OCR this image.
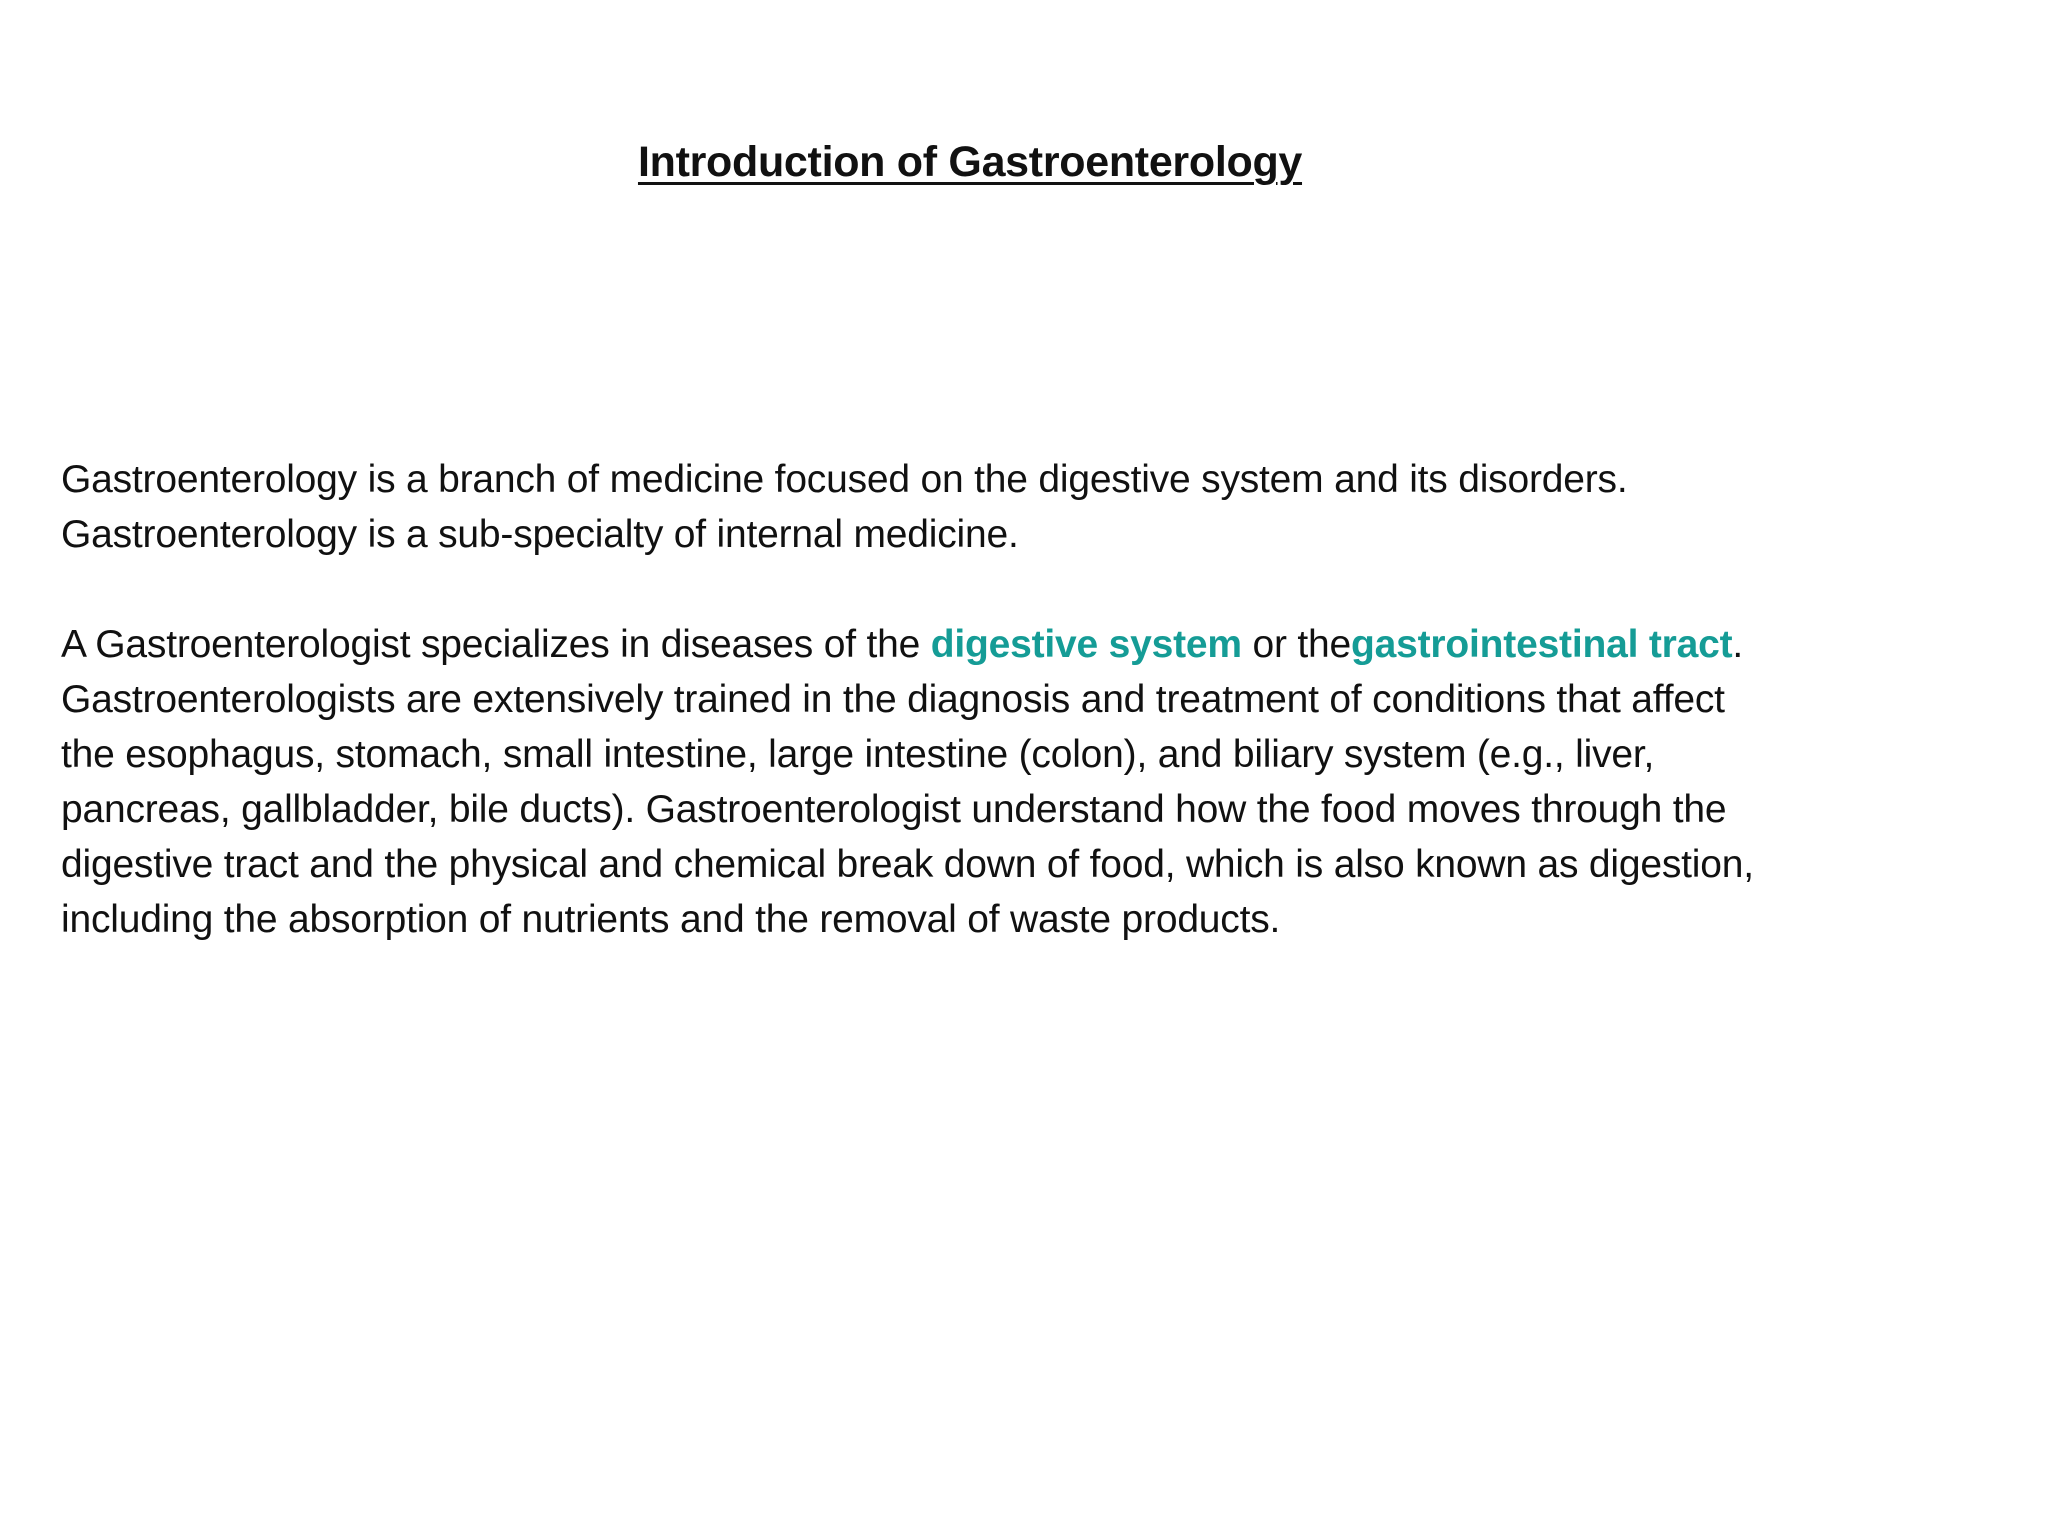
Introduction of Gastroenterology

Gastroenterology is a branch of medicine focused on the digestive system and its disorders.

Gastroenterology is a sub-specialty of internal medicine.

A Gastroenterologist specializes in diseases of the digestive system or thegastrointestinal tract.

Gastroenterologists are extensively trained in the diagnosis and treatment of conditions that affect

the esophagus, stomach, small intestine, large intestine (colon), and biliary system (e.g., liver,

pancreas, gallbladder, bile ducts). Gastroenterologist understand how the food moves through the

digestive tract and the physical and chemical break down of food, which is also known as digestion,

including the absorption of nutrients and the removal of waste products.
